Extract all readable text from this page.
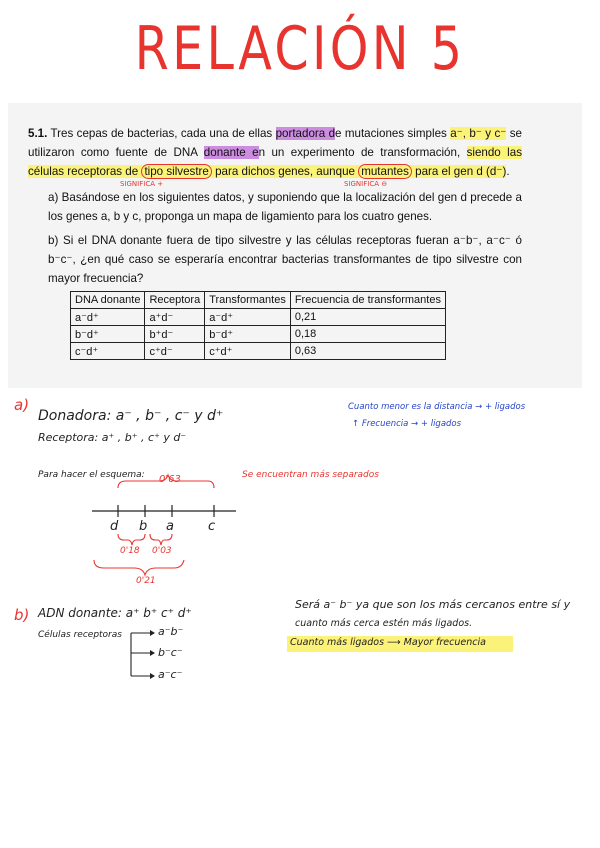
RELACIÓN 5
5.1. Tres cepas de bacterias, cada una de ellas portadora de mutaciones simples a⁻, b⁻ y c⁻ se utilizaron como fuente de DNA donante en un experimento de transformación, siendo las células receptoras de tipo silvestre para dichos genes, aunque mutantes para el gen d (d⁻).
SIGNIFICA +	SIGNIFICA ⊖
a) Basándose en los siguientes datos, y suponiendo que la localización del gen d precede a los genes a, b y c, proponga un mapa de ligamiento para los cuatro genes.
b) Si el DNA donante fuera de tipo silvestre y las células receptoras fueran a⁻b⁻, a⁻c⁻ ó b⁻c⁻, ¿en qué caso se esperaría encontrar bacterias transformantes de tipo silvestre con mayor frecuencia?
DNA donante	Receptora	Transformantes	Frecuencia de transformantes
a⁻d⁺	a⁺d⁻	a⁻d⁺	0,21
b⁻d⁺	b⁺d⁻	b⁻d⁺	0,18
c⁻d⁺	c⁺d⁻	c⁺d⁺	0,63
a)
Donadora: a⁻ , b⁻ , c⁻ y d⁺
Receptora: a⁺ , b⁺ , c⁺ y d⁻
Cuanto menor es la distancia → + ligados
↑ Frecuencia → + ligados
Para hacer el esquema:	Se encuentran más separados
0'63
d b a	c
0'18 0'03
0'21
b) ADN donante: a⁺ b⁺ c⁺ d⁺
Células receptoras	a⁻b⁻
b⁻c⁻
a⁻c⁻
Será a⁻ b⁻ ya que son los más cercanos entre sí y
cuanto más cerca estén más ligados.
Cuanto más ligados ⟶ Mayor frecuencia
